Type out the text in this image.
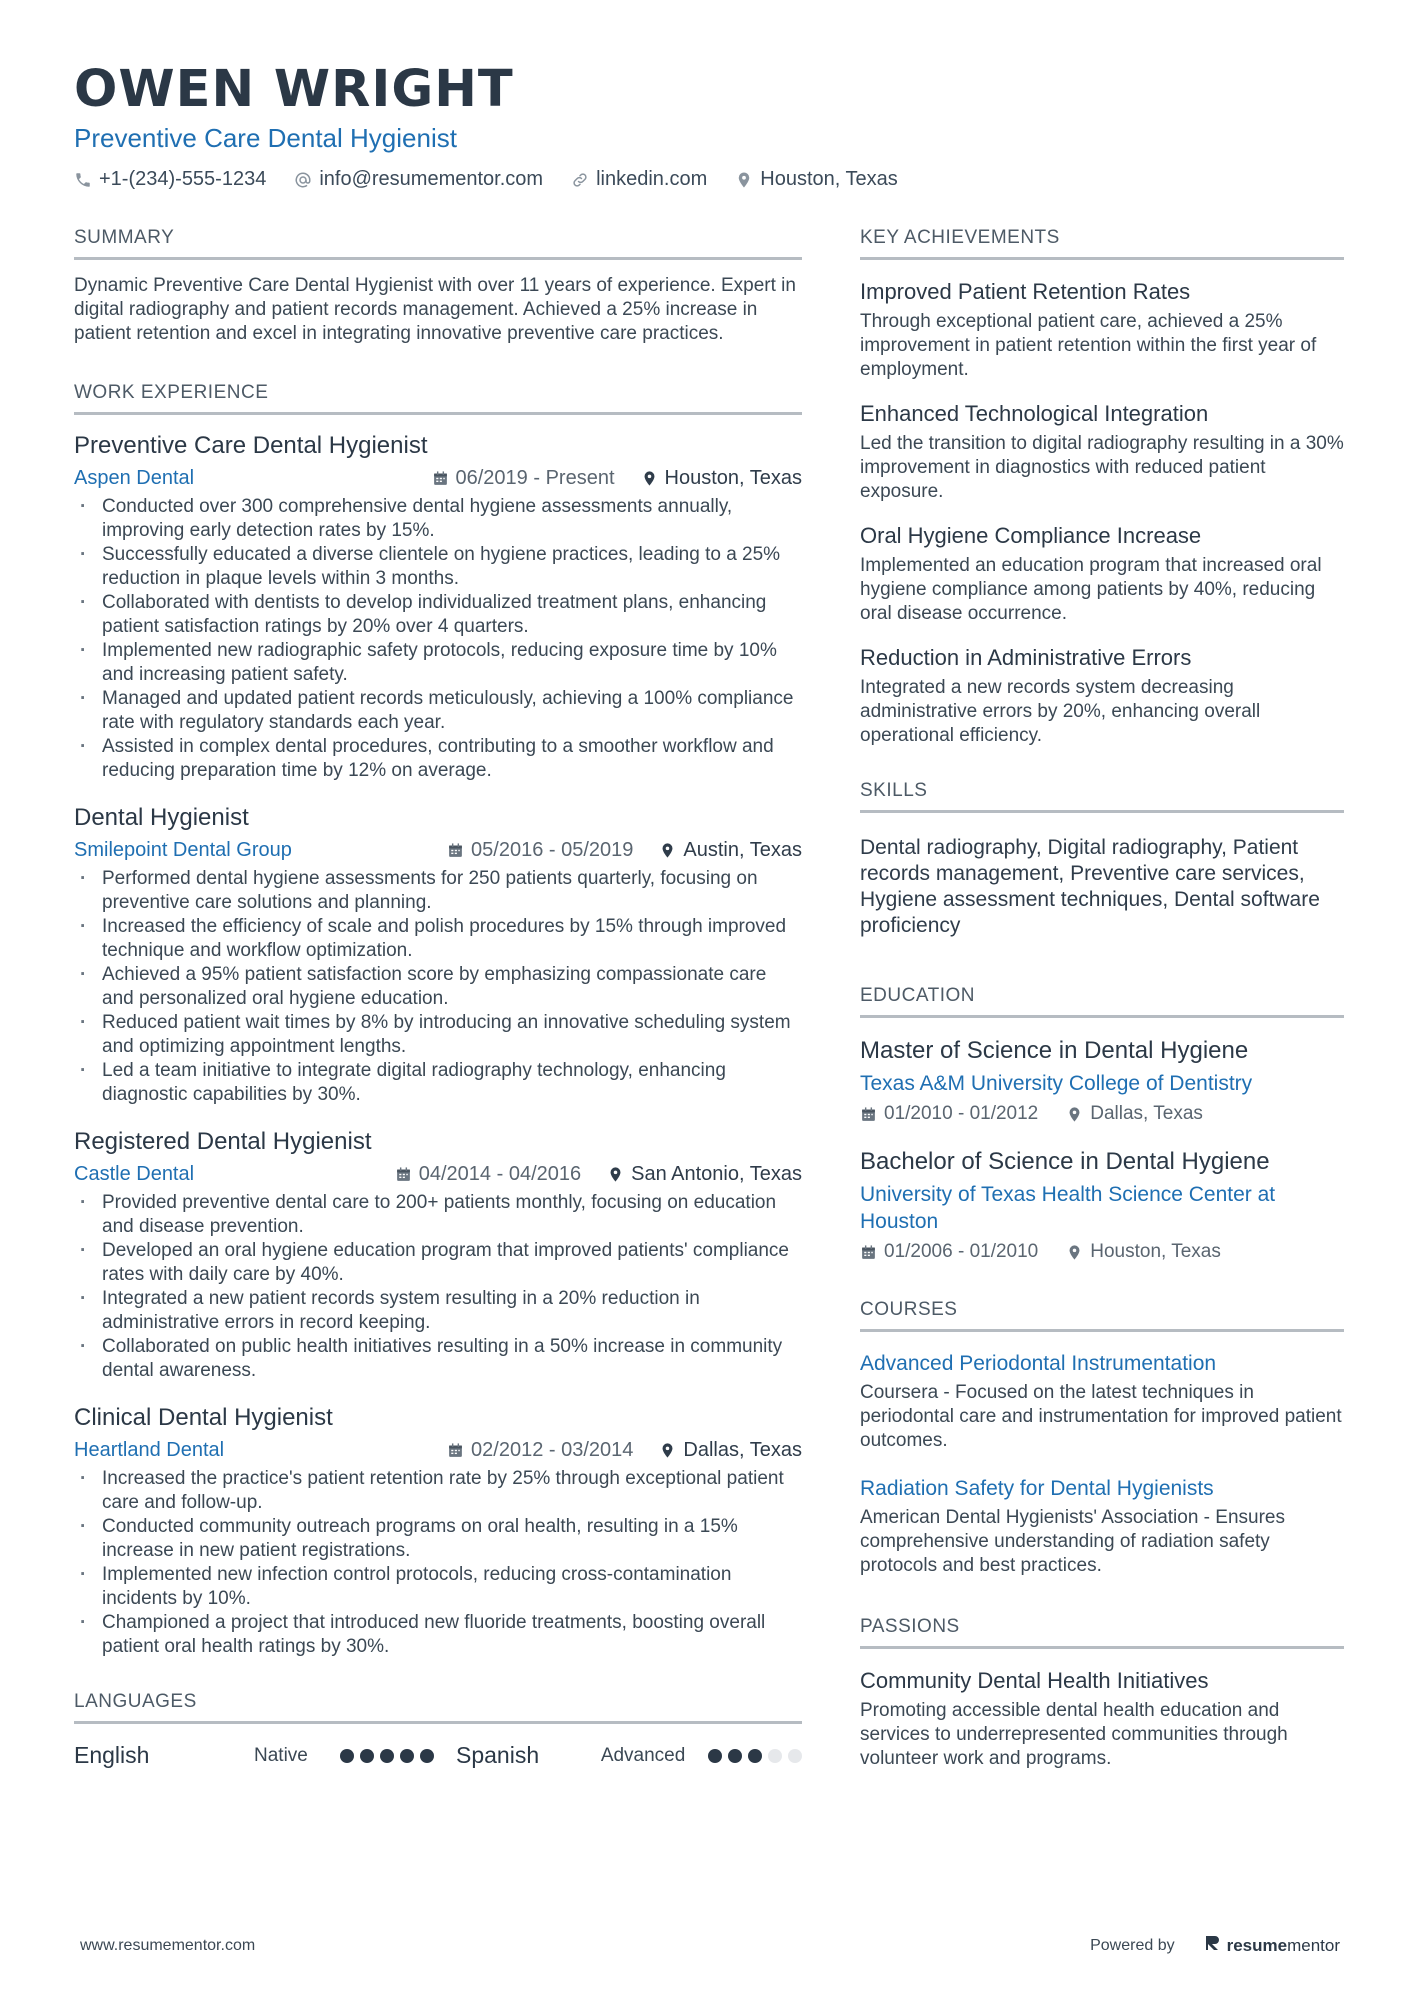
OWEN WRIGHT
Preventive Care Dental Hygienist
+1-(234)-555-1234	info@resumementor.com	linkedin.com	Houston, Texas
SUMMARY
Dynamic Preventive Care Dental Hygienist with over 11 years of experience. Expert in digital radiography and patient records management. Achieved a 25% increase in patient retention and excel in integrating innovative preventive care practices.
WORK EXPERIENCE
Preventive Care Dental Hygienist
Aspen Dental	06/2019 - Present	Houston, Texas
· Conducted over 300 comprehensive dental hygiene assessments annually, improving early detection rates by 15%.
· Successfully educated a diverse clientele on hygiene practices, leading to a 25% reduction in plaque levels within 3 months.
· Collaborated with dentists to develop individualized treatment plans, enhancing patient satisfaction ratings by 20% over 4 quarters.
· Implemented new radiographic safety protocols, reducing exposure time by 10% and increasing patient safety.
· Managed and updated patient records meticulously, achieving a 100% compliance rate with regulatory standards each year.
· Assisted in complex dental procedures, contributing to a smoother workflow and reducing preparation time by 12% on average.
Dental Hygienist
Smilepoint Dental Group	05/2016 - 05/2019	Austin, Texas
· Performed dental hygiene assessments for 250 patients quarterly, focusing on preventive care solutions and planning.
· Increased the efficiency of scale and polish procedures by 15% through improved technique and workflow optimization.
· Achieved a 95% patient satisfaction score by emphasizing compassionate care and personalized oral hygiene education.
· Reduced patient wait times by 8% by introducing an innovative scheduling system and optimizing appointment lengths.
· Led a team initiative to integrate digital radiography technology, enhancing diagnostic capabilities by 30%.
Registered Dental Hygienist
Castle Dental	04/2014 - 04/2016	San Antonio, Texas
· Provided preventive dental care to 200+ patients monthly, focusing on education and disease prevention.
· Developed an oral hygiene education program that improved patients' compliance rates with daily care by 40%.
· Integrated a new patient records system resulting in a 20% reduction in administrative errors in record keeping.
· Collaborated on public health initiatives resulting in a 50% increase in community dental awareness.
Clinical Dental Hygienist
Heartland Dental	02/2012 - 03/2014	Dallas, Texas
· Increased the practice's patient retention rate by 25% through exceptional patient care and follow-up.
· Conducted community outreach programs on oral health, resulting in a 15% increase in new patient registrations.
· Implemented new infection control protocols, reducing cross-contamination incidents by 10%.
· Championed a project that introduced new fluoride treatments, boosting overall patient oral health ratings by 30%.
LANGUAGES
English	Native	Spanish	Advanced
KEY ACHIEVEMENTS
Improved Patient Retention Rates
Through exceptional patient care, achieved a 25% improvement in patient retention within the first year of employment.
Enhanced Technological Integration
Led the transition to digital radiography resulting in a 30% improvement in diagnostics with reduced patient exposure.
Oral Hygiene Compliance Increase
Implemented an education program that increased oral hygiene compliance among patients by 40%, reducing oral disease occurrence.
Reduction in Administrative Errors
Integrated a new records system decreasing administrative errors by 20%, enhancing overall operational efficiency.
SKILLS
Dental radiography, Digital radiography, Patient records management, Preventive care services, Hygiene assessment techniques, Dental software proficiency
EDUCATION
Master of Science in Dental Hygiene
Texas A&M University College of Dentistry
01/2010 - 01/2012	Dallas, Texas
Bachelor of Science in Dental Hygiene
University of Texas Health Science Center at Houston
01/2006 - 01/2010	Houston, Texas
COURSES
Advanced Periodontal Instrumentation
Coursera - Focused on the latest techniques in periodontal care and instrumentation for improved patient outcomes.
Radiation Safety for Dental Hygienists
American Dental Hygienists' Association - Ensures comprehensive understanding of radiation safety protocols and best practices.
PASSIONS
Community Dental Health Initiatives
Promoting accessible dental health education and services to underrepresented communities through volunteer work and programs.
www.resumementor.com	Powered by	resumementor
